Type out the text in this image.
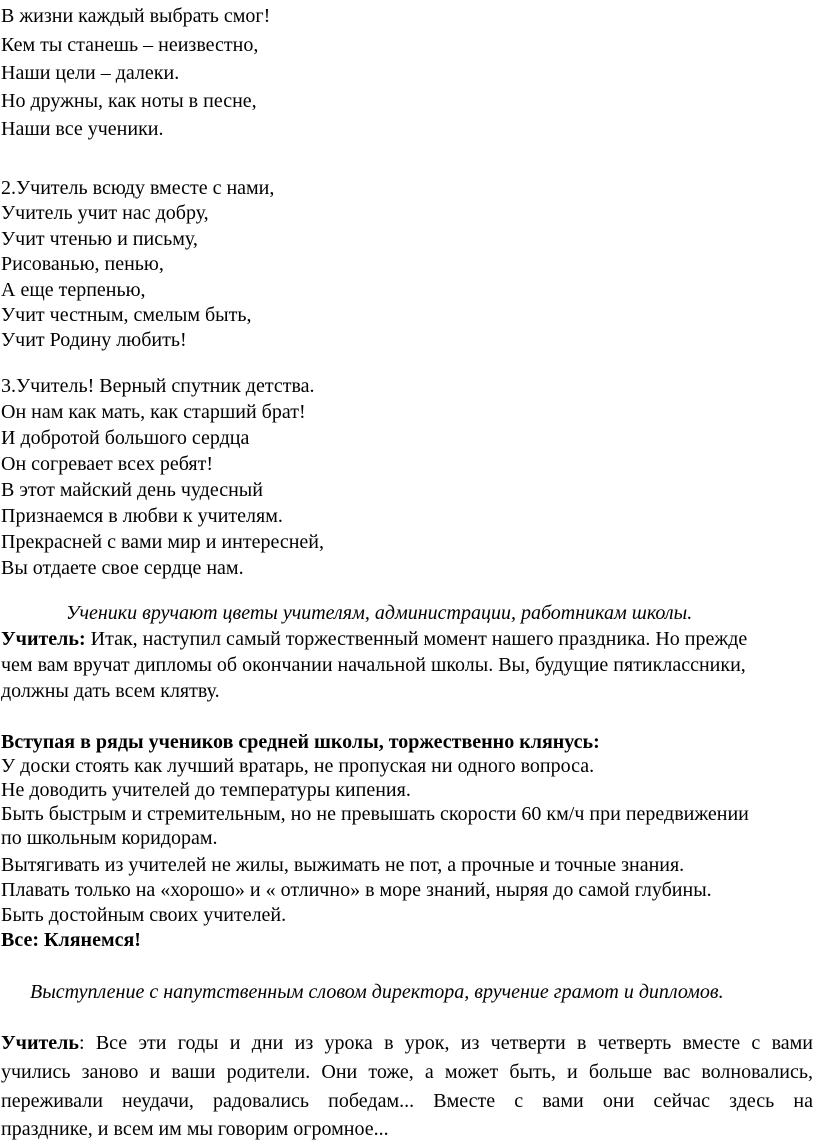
В жизни каждый выбрать смог!
Кем ты станешь – неизвестно,
Наши цели – далеки.
Но дружны, как ноты в песне,
Наши все ученики.
2.Учитель всюду вместе с нами,
Учитель учит нас добру,
Учит чтенью и письму,
Рисованью, пенью,
А еще терпенью,
Учит честным, смелым быть,
Учит Родину любить!
3.Учитель! Верный спутник детства.
Он нам как мать, как старший брат!
И добротой большого сердца
Он согревает всех ребят!
В этот майский день чудесный
Признаемся в любви к учителям.
Прекрасней с вами мир и интересней,
Вы отдаете свое сердце нам.
Ученики вручают цветы учителям, администрации, работникам школы.
Учитель: Итак, наступил самый торжественный момент нашего праздника. Но прежде
чем вам вручат дипломы об окончании начальной школы. Вы, будущие пятиклассники,
должны дать всем клятву.
Вступая в ряды учеников средней школы, торжественно клянусь:
У доски стоять как лучший вратарь, не пропуская ни одного вопроса.
Не доводить учителей до температуры кипения.
Быть быстрым и стремительным, но не превышать скорости 60 км/ч при передвижении
по школьным коридорам.
Вытягивать из учителей не жилы, выжимать не пот, а прочные и точные знания.
Плавать только на «хорошо» и « отлично» в море знаний, ныряя до самой глубины.
Быть достойным своих учителей.
Все: Клянемся!
Выступление с напутственным словом директора, вручение грамот и дипломов.
Учитель: Все эти годы и дни из урока в урок, из четверти в четверть вместе с вами
учились заново и ваши родители. Они тоже, а может быть, и больше вас волновались,
переживали неудачи, радовались победам... Вместе с вами они сейчас здесь на
празднике, и всем им мы говорим огромное...
